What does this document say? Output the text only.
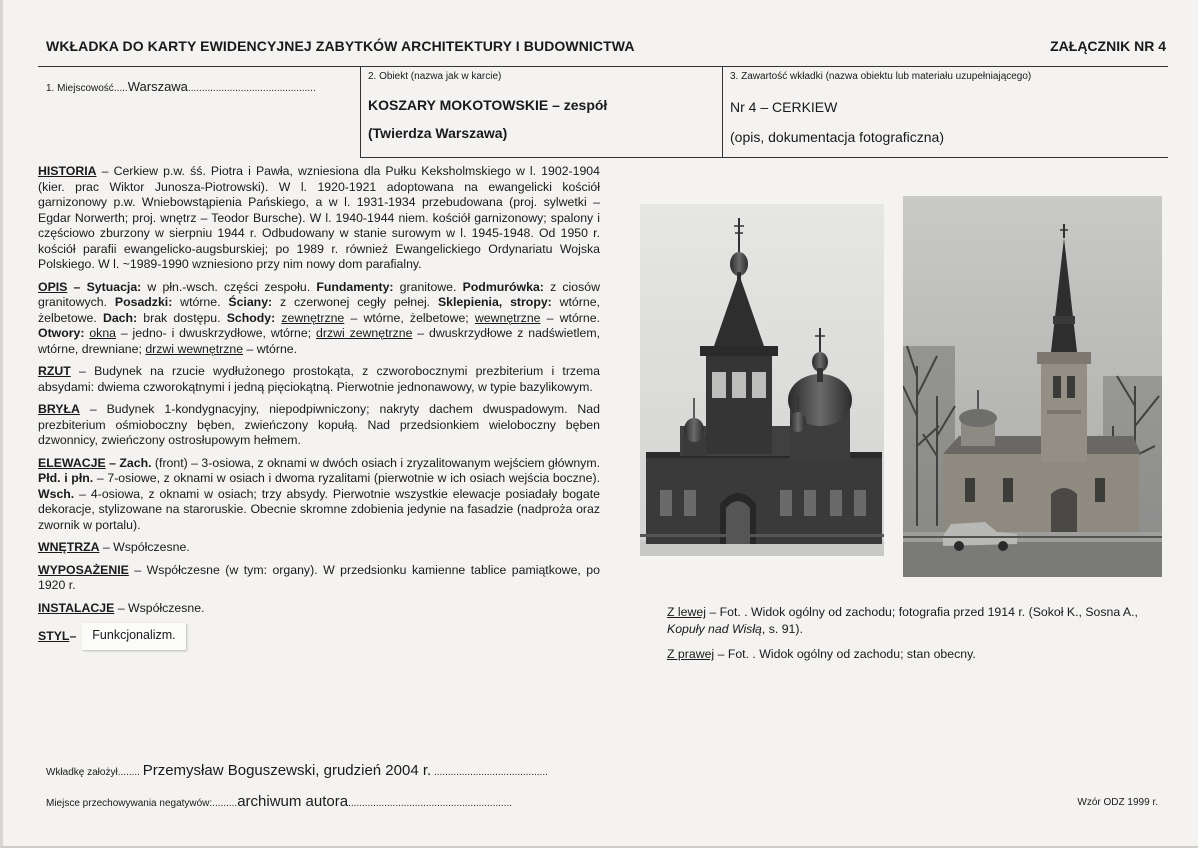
WKŁADKA DO KARTY EWIDENCYJNEJ ZABYTKÓW ARCHITEKTURY I BUDOWNICTWA	ZAŁĄCZNIK NR 4
1. Miejscowość.....Warszawa..............................................
2. Obiekt (nazwa jak w karcie)
KOSZARY MOKOTOWSKIE – zespół
(Twierdza Warszawa)
3. Zawartość wkładki (nazwa obiektu lub materiału uzupełniającego)
Nr 4 – CERKIEW
(opis, dokumentacja fotograficzna)

HISTORIA – Cerkiew p.w. śś. Piotra i Pawła, wzniesiona dla Pułku Keksholmskiego w l. 1902-1904 (kier. prac Wiktor Junosza-Piotrowski). W l. 1920-1921 adoptowana na ewangelicki kościół garnizonowy p.w. Wniebowstąpienia Pańskiego, a w l. 1931-1934 przebudowana (proj. sylwetki – Egdar Norwerth; proj. wnętrz – Teodor Bursche). W l. 1940-1944 niem. kościół garnizonowy; spalony i częściowo zburzony w sierpniu 1944 r. Odbudowany w stanie surowym w l. 1945-1948. Od 1950 r. kościół parafii ewangelicko-augsburskiej; po 1989 r. również Ewangelickiego Ordynariatu Wojska Polskiego. W l. ~1989-1990 wzniesiono przy nim nowy dom parafialny.

OPIS – Sytuacja: w płn.-wsch. części zespołu. Fundamenty: granitowe. Podmurówka: z ciosów granitowych. Posadzki: wtórne. Ściany: z czerwonej cegły pełnej. Sklepienia, stropy: wtórne, żelbetowe. Dach: brak dostępu. Schody: zewnętrzne – wtórne, żelbetowe; wewnętrzne – wtórne. Otwory: okna – jedno- i dwuskrzydłowe, wtórne; drzwi zewnętrzne – dwuskrzydłowe z nadświetlem, wtórne, drewniane; drzwi wewnętrzne – wtórne.

RZUT – Budynek na rzucie wydłużonego prostokąta, z czworobocznymi prezbiterium i trzema absydami: dwiema czworokątnymi i jedną pięciokątną. Pierwotnie jednonawowy, w typie bazylikowym.

BRYŁA – Budynek 1-kondygnacyjny, niepodpiwniczony; nakryty dachem dwuspadowym. Nad prezbiterium ośmioboczny bęben, zwieńczony kopułą. Nad przedsionkiem wieloboczny bęben dzwonnicy, zwieńczony ostrosłupowym hełmem.

ELEWACJE – Zach. (front) – 3-osiowa, z oknami w dwóch osiach i zryzalitowanym wejściem głównym. Płd. i płn. – 7-osiowe, z oknami w osiach i dwoma ryzalitami (pierwotnie w ich osiach wejścia boczne). Wsch. – 4-osiowa, z oknami w osiach; trzy absydy. Pierwotnie wszystkie elewacje posiadały bogate dekoracje, stylizowane na staroruskie. Obecnie skromne zdobienia jedynie na fasadzie (nadproża oraz zwornik w portalu).

WNĘTRZA – Współczesne.

WYPOSAŻENIE – Współczesne (w tym: organy). W przedsionku kamienne tablice pamiątkowe, po 1920 r.

INSTALACJE – Współczesne.

STYL –	Funkcjonalizm.

Z lewej – Fot. . Widok ogólny od zachodu; fotografia przed 1914 r. (Sokoł K., Sosna A., Kopuły nad Wisłą, s. 91).

Z prawej – Fot. . Widok ogólny od zachodu; stan obecny.

Wkładkę założył........ Przemysław Boguszewski, grudzień 2004 r. .........................................
Miejsce przechowywania negatywów:.........archiwum autora...........................................................	Wzór ODZ 1999 r.
